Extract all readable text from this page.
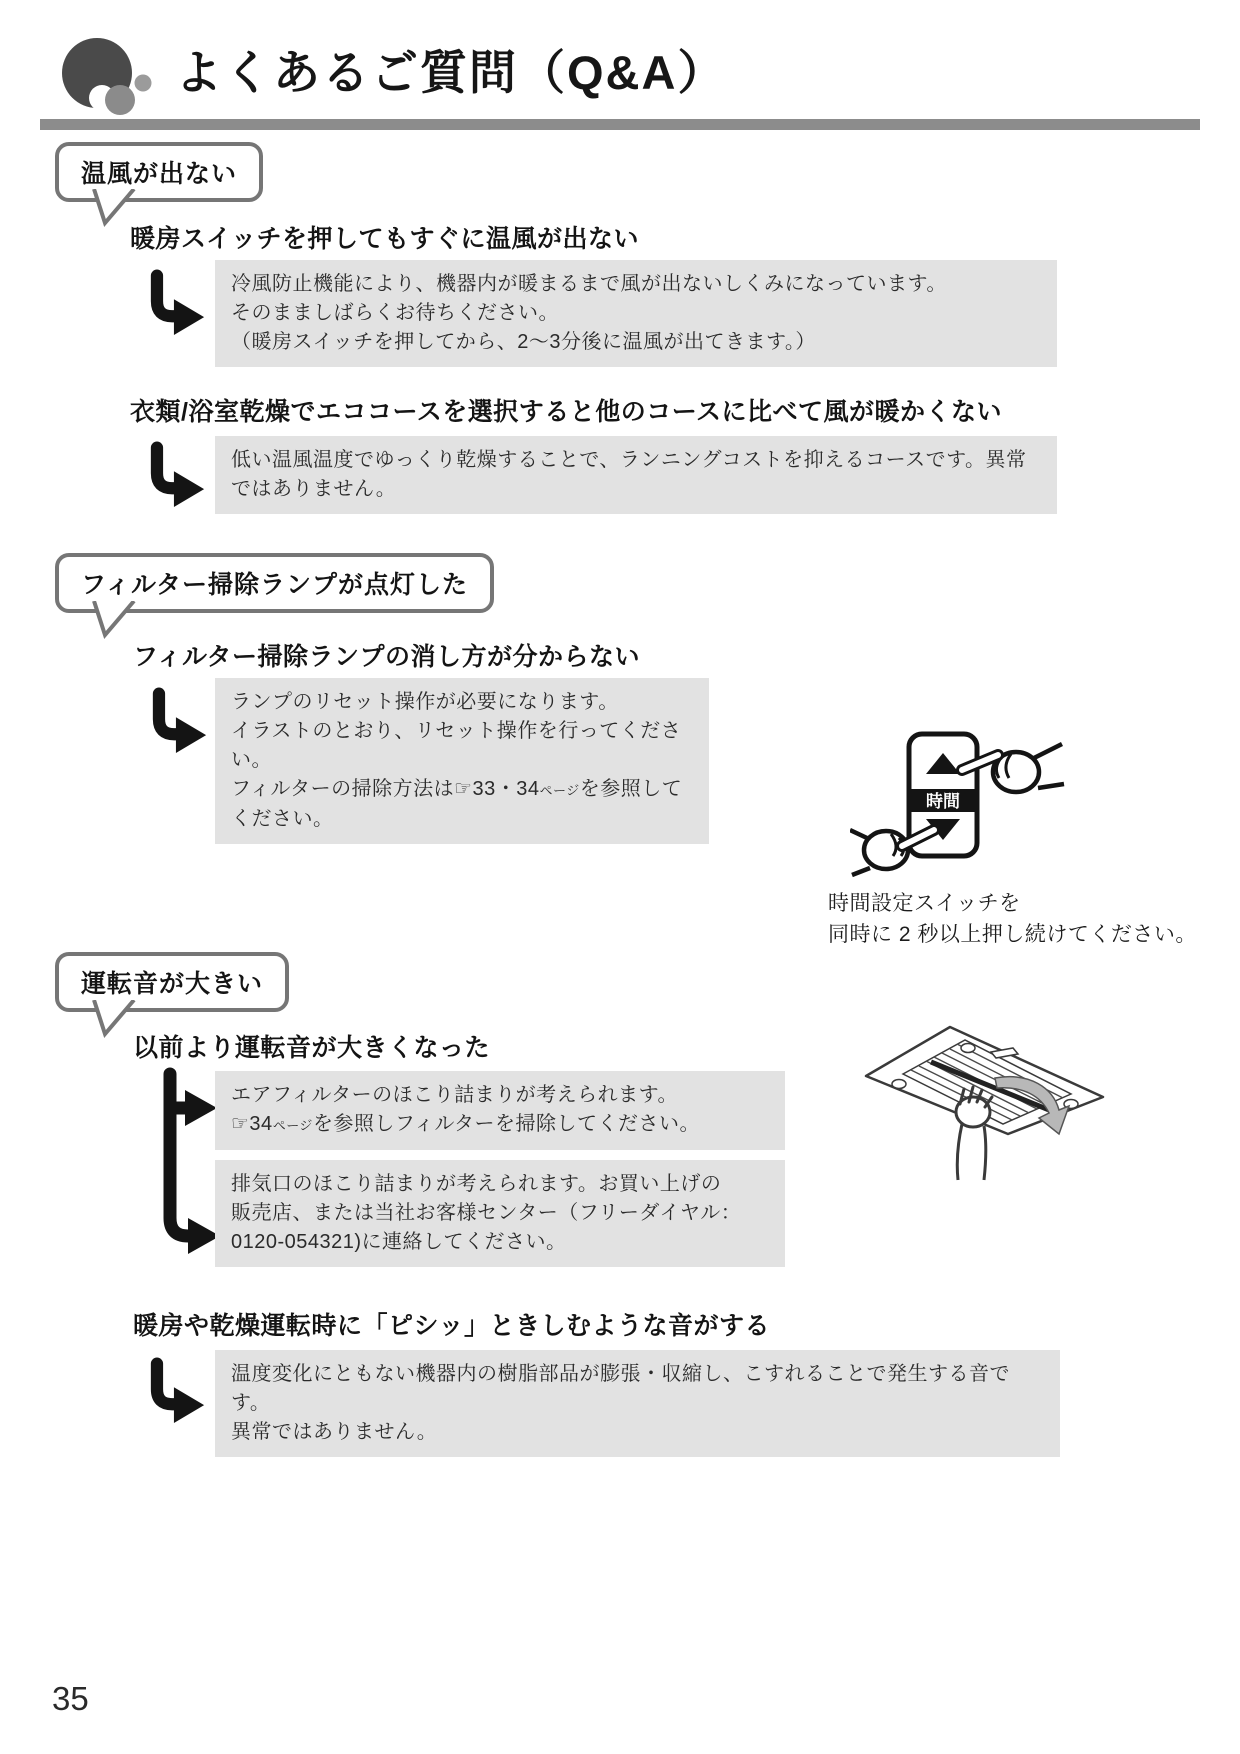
よくあるご質問（Q&A）
温風が出ない
暖房スイッチを押してもすぐに温風が出ない
冷風防止機能により、機器内が暖まるまで風が出ないしくみになっています。
そのまましばらくお待ちください。
（暖房スイッチを押してから、2～3分後に温風が出てきます。）
衣類/浴室乾燥でエココースを選択すると他のコースに比べて風が暖かくない
低い温風温度でゆっくり乾燥することで、ランニングコストを抑えるコースです。異常ではありません。
フィルター掃除ランプが点灯した
フィルター掃除ランプの消し方が分からない
ランプのリセット操作が必要になります。
イラストのとおり、リセット操作を行ってください。
フィルターの掃除方法は☞33・34ページを参照してください。
時間
時間設定スイッチを
同時に 2 秒以上押し続けてください。
運転音が大きい
以前より運転音が大きくなった
エアフィルターのほこり詰まりが考えられます。
☞34ページを参照しフィルターを掃除してください。
排気口のほこり詰まりが考えられます。お買い上げの
販売店、または当社お客様センター（フリーダイヤル：
0120-054321)に連絡してください。
暖房や乾燥運転時に「ピシッ」ときしむような音がする
温度変化にともない機器内の樹脂部品が膨張・収縮し、こすれることで発生する音です。
異常ではありません。
35
